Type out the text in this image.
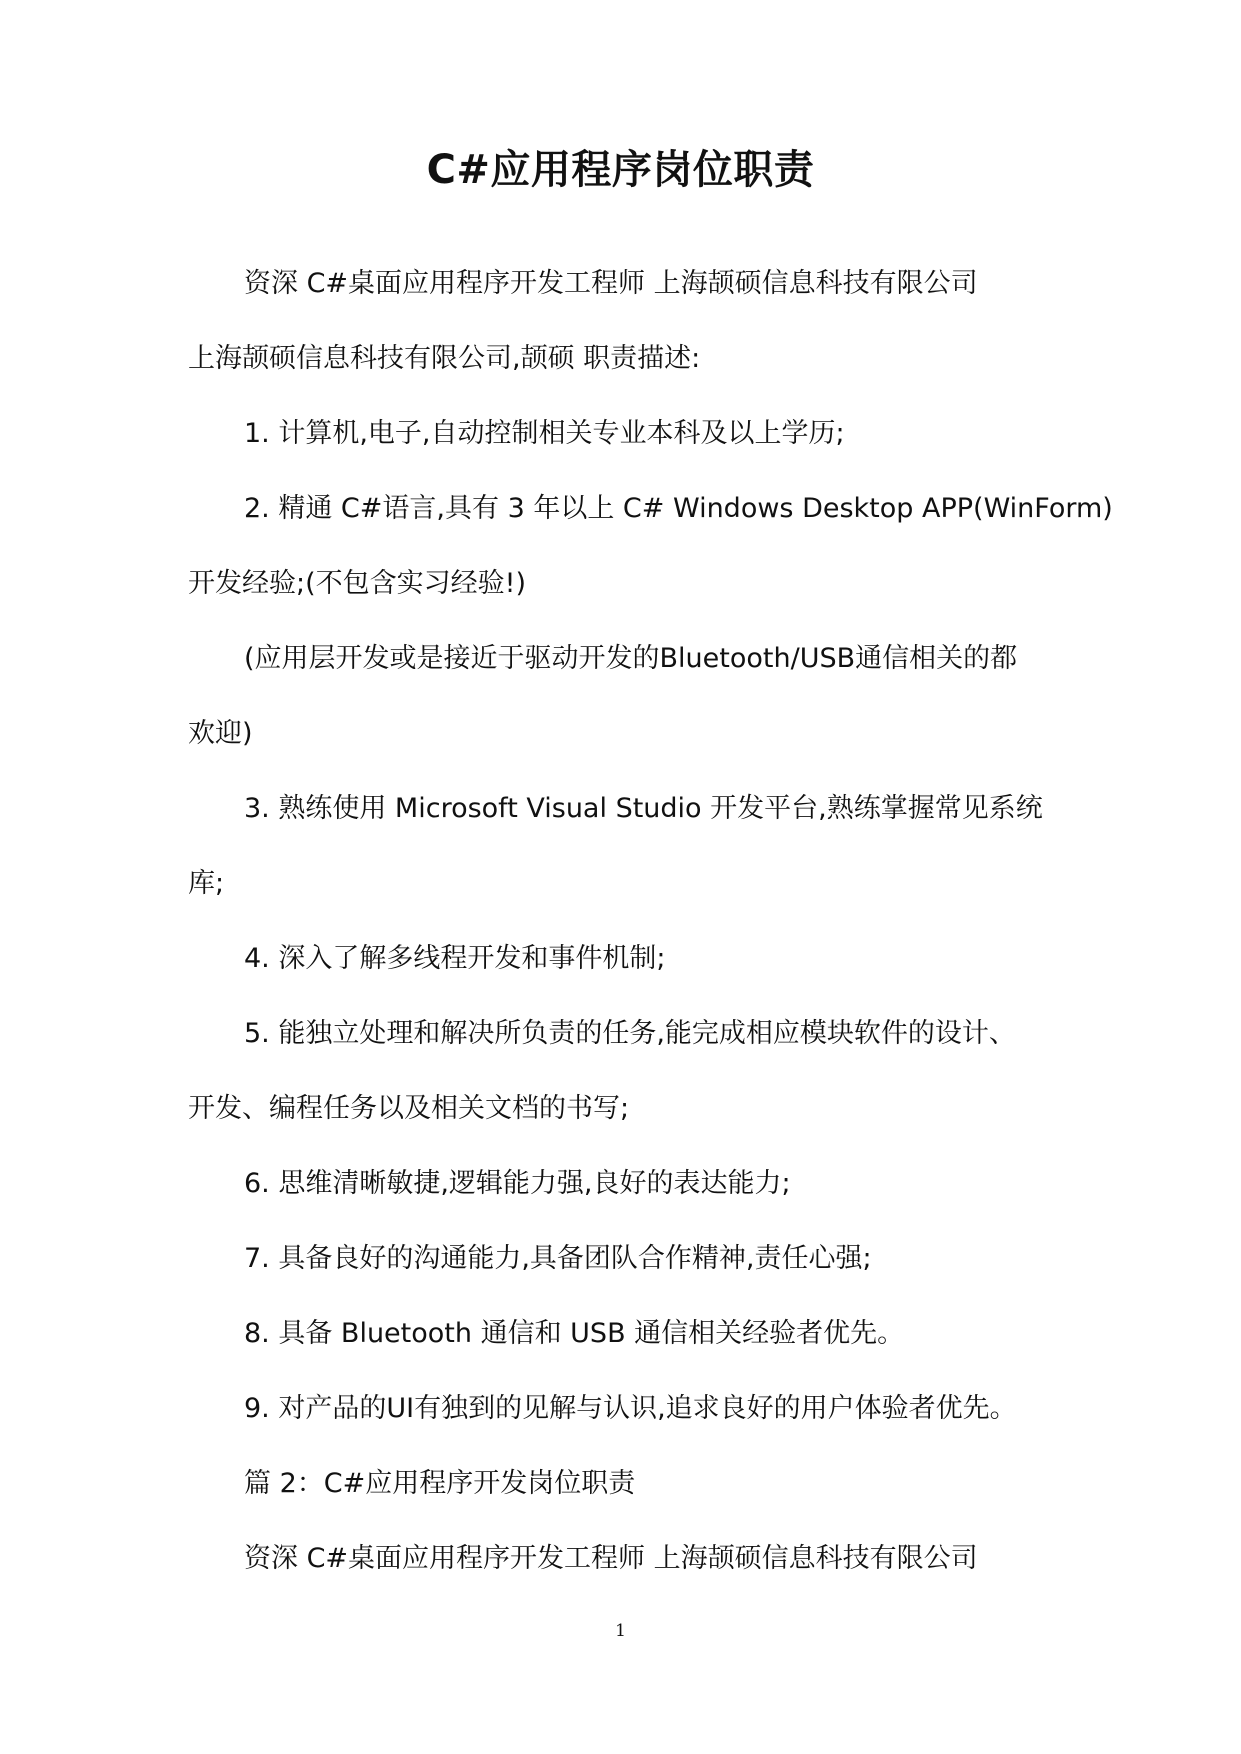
C#应用程序岗位职责
资深 C#桌面应用程序开发工程师 上海颉硕信息科技有限公司
上海颉硕信息科技有限公司,颉硕 职责描述:
1. 计算机,电子,自动控制相关专业本科及以上学历;
2. 精通 C#语言,具有 3 年以上 C# Windows Desktop APP(WinForm)
开发经验;(不包含实习经验!)
(应用层开发或是接近于驱动开发的Bluetooth/USB通信相关的都
欢迎)
3. 熟练使用 Microsoft Visual Studio 开发平台,熟练掌握常见系统
库;
4. 深入了解多线程开发和事件机制;
5. 能独立处理和解决所负责的任务,能完成相应模块软件的设计、
开发、编程任务以及相关文档的书写;
6. 思维清晰敏捷,逻辑能力强,良好的表达能力;
7. 具备良好的沟通能力,具备团队合作精神,责任心强;
8. 具备 Bluetooth 通信和 USB 通信相关经验者优先。
9. 对产品的UI有独到的见解与认识,追求良好的用户体验者优先。
篇 2：C#应用程序开发岗位职责
资深 C#桌面应用程序开发工程师 上海颉硕信息科技有限公司
1
